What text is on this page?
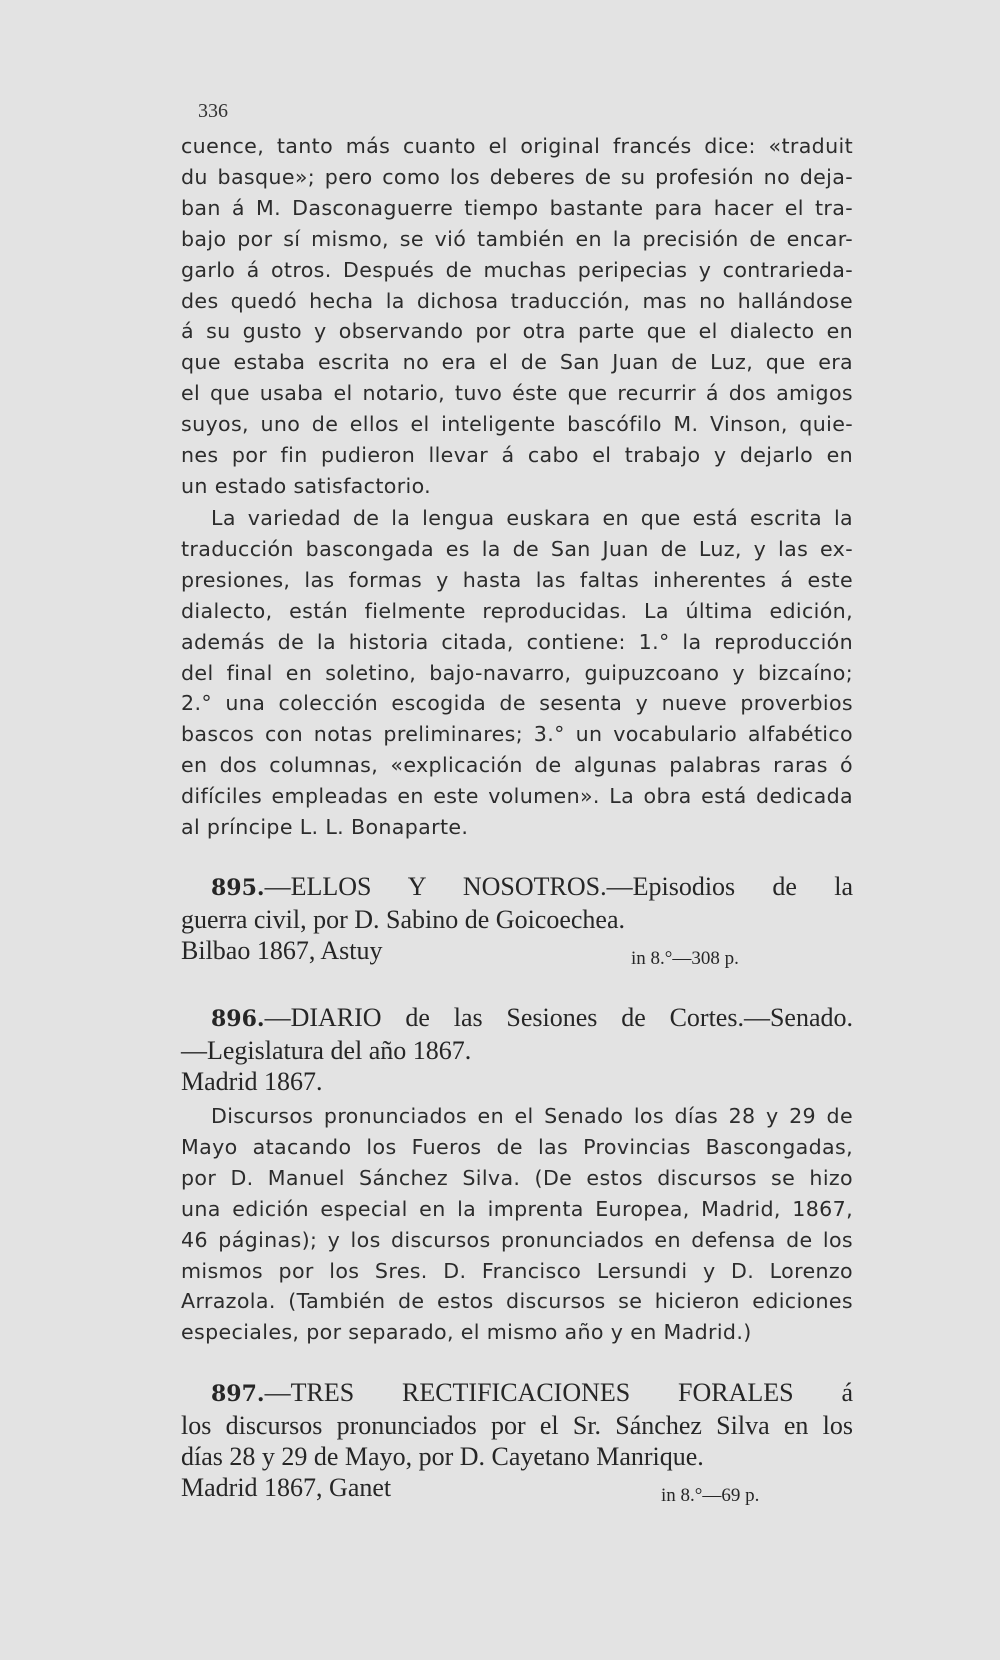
336
cuence, tanto más cuanto el original francés dice: «traduit
du basque»; pero como los deberes de su profesión no deja-
ban á M. Dasconaguerre tiempo bastante para hacer el tra-
bajo por sí mismo, se vió también en la precisión de encar-
garlo á otros. Después de muchas peripecias y contrarieda-
des quedó hecha la dichosa traducción, mas no hallándose
á su gusto y observando por otra parte que el dialecto en
que estaba escrita no era el de San Juan de Luz, que era
el que usaba el notario, tuvo éste que recurrir á dos amigos
suyos, uno de ellos el inteligente bascófilo M. Vinson, quie-
nes por fin pudieron llevar á cabo el trabajo y dejarlo en
un estado satisfactorio.
La variedad de la lengua euskara en que está escrita la
traducción bascongada es la de San Juan de Luz, y las ex-
presiones, las formas y hasta las faltas inherentes á este
dialecto, están fielmente reproducidas. La última edición,
además de la historia citada, contiene: 1.° la reproducción
del final en soletino, bajo-navarro, guipuzcoano y bizcaíno;
2.° una colección escogida de sesenta y nueve proverbios
bascos con notas preliminares; 3.° un vocabulario alfabético
en dos columnas, «explicación de algunas palabras raras ó
difíciles empleadas en este volumen». La obra está dedicada
al príncipe L. L. Bonaparte.
895.—ELLOS Y NOSOTROS.—Episodios de la
guerra civil, por D. Sabino de Goicoechea.
Bilbao 1867, Astuy	in 8.°—308 p.
896.—DIARIO de las Sesiones de Cortes.—Senado.
—Legislatura del año 1867.
Madrid 1867.
Discursos pronunciados en el Senado los días 28 y 29 de
Mayo atacando los Fueros de las Provincias Bascongadas,
por D. Manuel Sánchez Silva. (De estos discursos se hizo
una edición especial en la imprenta Europea, Madrid, 1867,
46 páginas); y los discursos pronunciados en defensa de los
mismos por los Sres. D. Francisco Lersundi y D. Lorenzo
Arrazola. (También de estos discursos se hicieron ediciones
especiales, por separado, el mismo año y en Madrid.)
897.—TRES RECTIFICACIONES FORALES á
los discursos pronunciados por el Sr. Sánchez Silva en los
días 28 y 29 de Mayo, por D. Cayetano Manrique.
Madrid 1867, Ganet	in 8.°—69 p.
